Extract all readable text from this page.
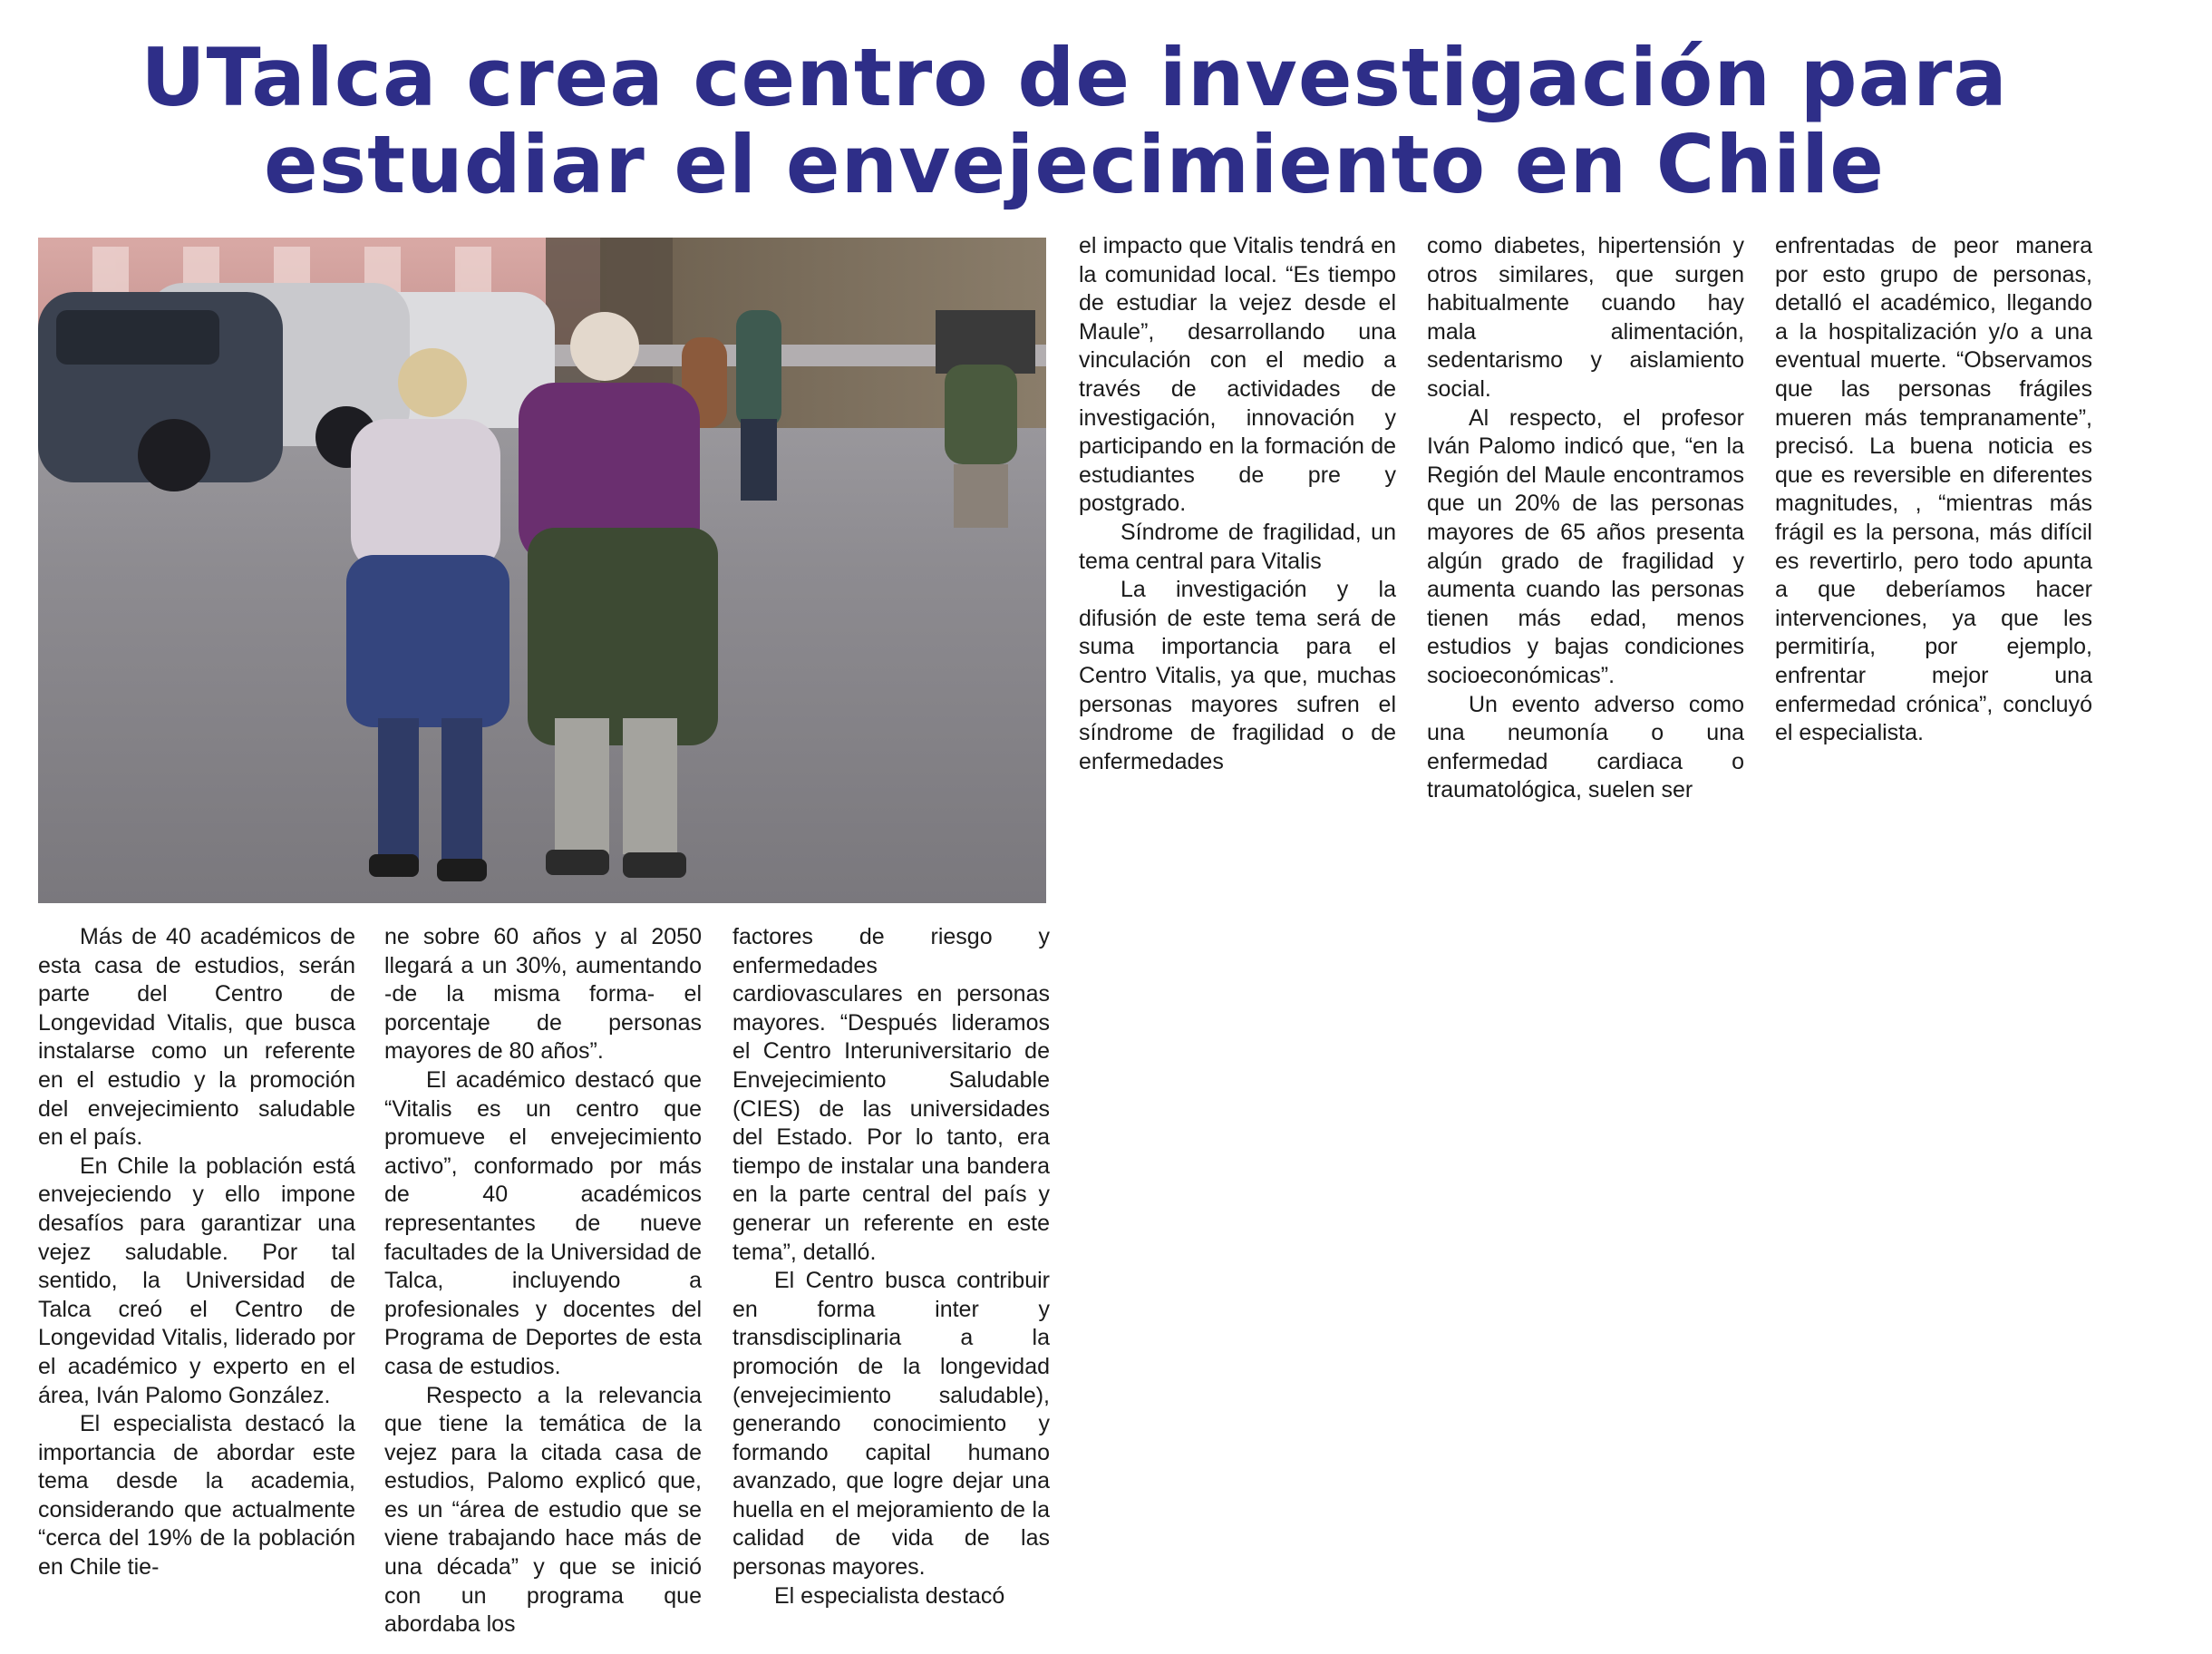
UTalca crea centro de investigación para
estudiar el envejecimiento en Chile

Más de 40 académicos de esta casa de estudios, serán parte del Centro de Longevidad Vitalis, que busca instalarse como un referente en el estudio y la promoción del envejecimiento saludable en el país.

En Chile la población está envejeciendo y ello impone desafíos para garantizar una vejez saludable. Por tal sentido, la Universidad de Talca creó el Centro de Longevidad Vitalis, liderado por el académico y experto en el área, Iván Palomo González.

El especialista destacó la importancia de abordar este tema desde la academia, considerando que actualmente “cerca del 19% de la población en Chile tie-

ne sobre 60 años y al 2050 llegará a un 30%, aumentando -de la misma forma- el porcentaje de personas mayores de 80 años”.

El académico destacó que “Vitalis es un centro que promueve el envejecimiento activo”, conformado por más de 40 académicos representantes de nueve facultades de la Universidad de Talca, incluyendo a profesionales y docentes del Programa de Deportes de esta casa de estudios.

Respecto a la relevancia que tiene la temática de la vejez para la citada casa de estudios, Palomo explicó que, es un “área de estudio que se viene trabajando hace más de una década” y que se inició con un programa que abordaba los

factores de riesgo y enfermedades cardiovasculares en personas mayores. “Después lideramos el Centro Interuniversitario de Envejecimiento Saludable (CIES) de las universidades del Estado. Por lo tanto, era tiempo de instalar una bandera en la parte central del país y generar un referente en este tema”, detalló.

El Centro busca contribuir en forma inter y transdisciplinaria a la promoción de la longevidad (envejecimiento saludable), generando conocimiento y formando capital humano avanzado, que logre dejar una huella en el mejoramiento de la calidad de vida de las personas mayores.

El especialista destacó

el impacto que Vitalis tendrá en la comunidad local. “Es tiempo de estudiar la vejez desde el Maule”, desarrollando una vinculación con el medio a través de actividades de investigación, innovación y participando en la formación de estudiantes de pre y postgrado.

Síndrome de fragilidad, un tema central para Vitalis

La investigación y la difusión de este tema será de suma importancia para el Centro Vitalis, ya que, muchas personas mayores sufren el síndrome de fragilidad o de enfermedades

como diabetes, hipertensión y otros similares, que surgen habitualmente cuando hay mala alimentación, sedentarismo y aislamiento social.

Al respecto, el profesor Iván Palomo indicó que, “en la Región del Maule encontramos que un 20% de las personas mayores de 65 años presenta algún grado de fragilidad y aumenta cuando las personas tienen más edad, menos estudios y bajas condiciones socioeconómicas”.

Un evento adverso como una neumonía o una enfermedad cardiaca o traumatológica, suelen ser

enfrentadas de peor manera por esto grupo de personas, detalló el académico, llegando a la hospitalización y/o a una eventual muerte. “Observamos que las personas frágiles mueren más tempranamente”, precisó. La buena noticia es que es reversible en diferentes magnitudes, , “mientras más frágil es la persona, más difícil es revertirlo, pero todo apunta a que deberíamos hacer intervenciones, ya que les permitiría, por ejemplo, enfrentar mejor una enfermedad crónica”, concluyó el especialista.
